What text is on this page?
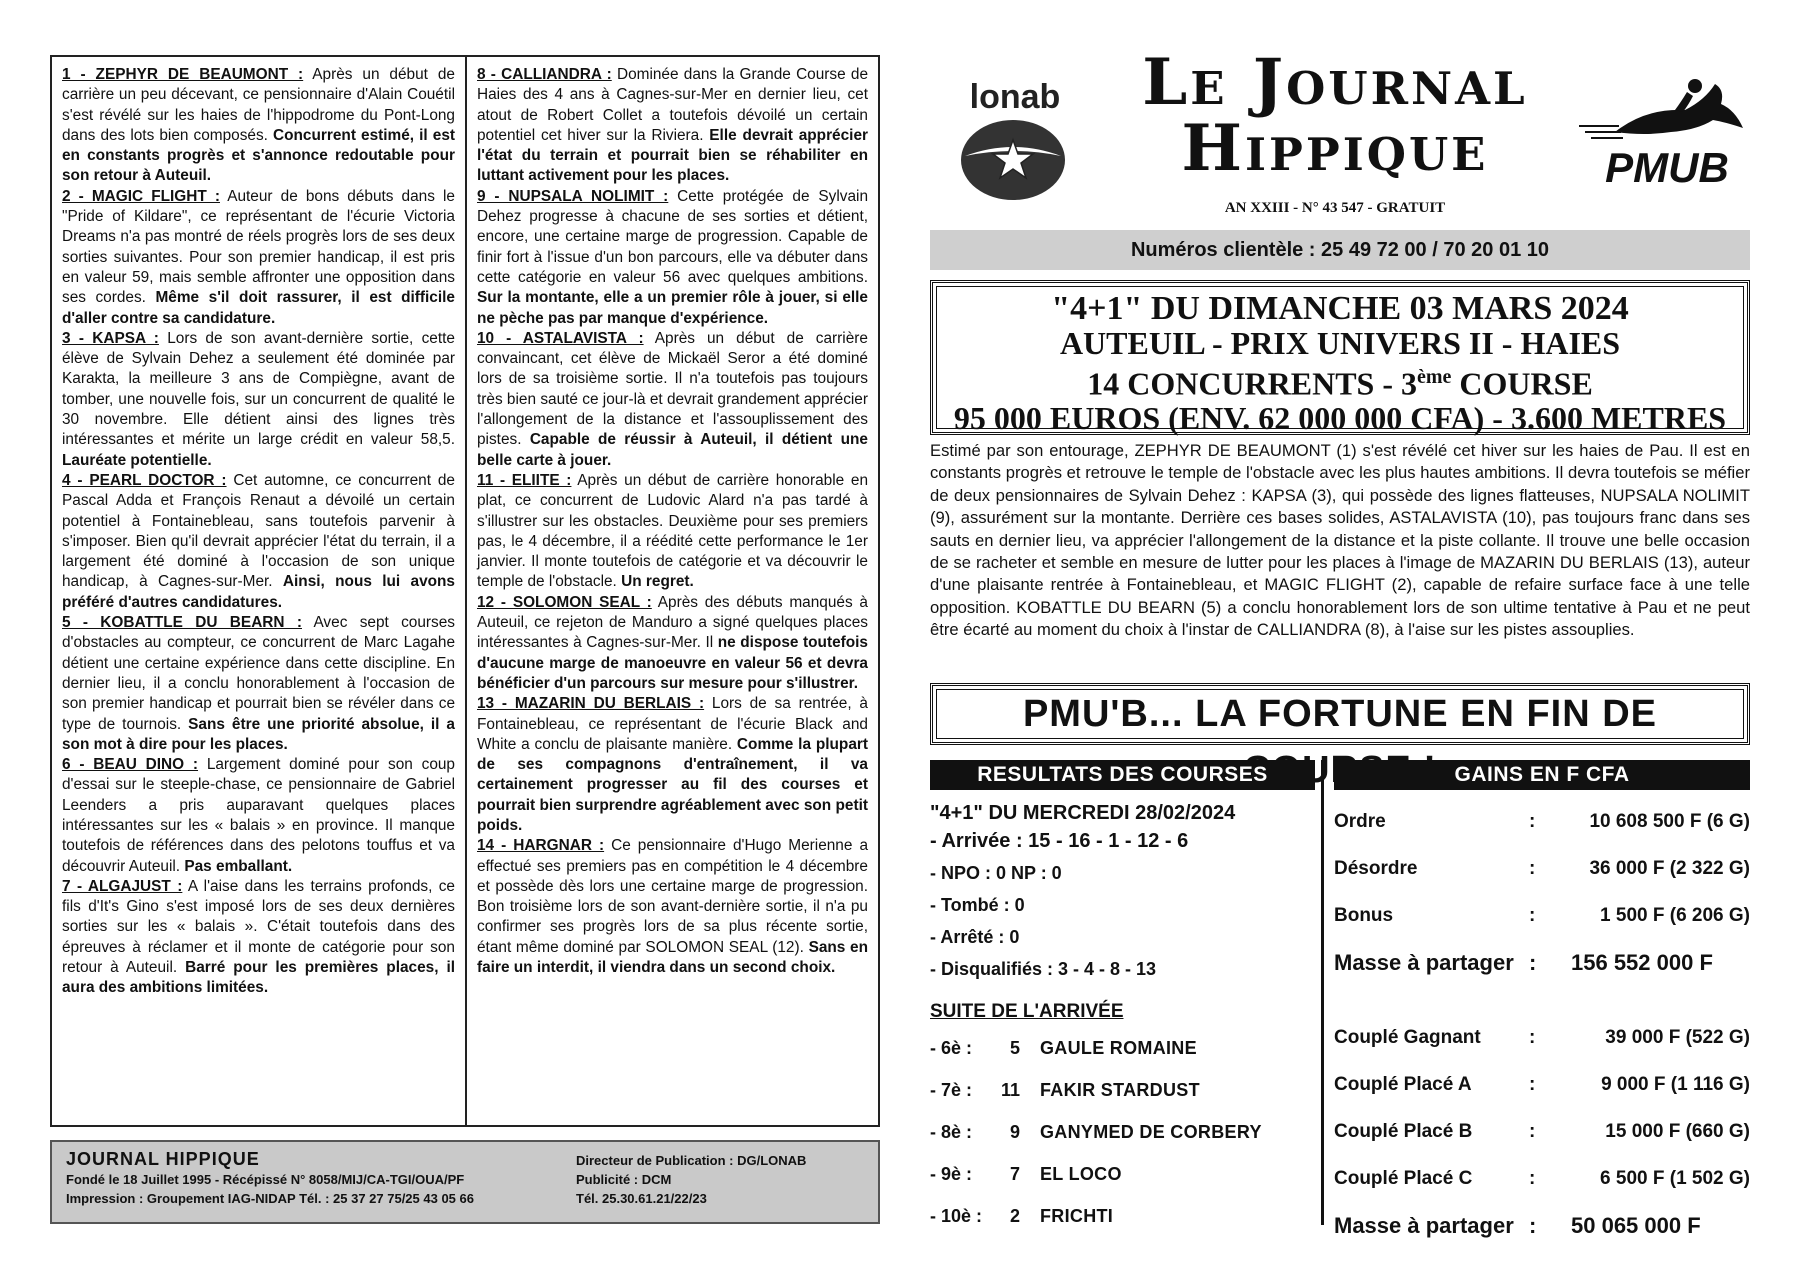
1 - ZEPHYR DE BEAUMONT : Après un début de carrière un peu décevant, ce pensionnaire d'Alain Couétil s'est révélé sur les haies de l'hippodrome du Pont-Long dans des lots bien composés. Concurrent estimé, il est en constants progrès et s'annonce redoutable pour son retour à Auteuil.

2 - MAGIC FLIGHT : Auteur de bons débuts dans le "Pride of Kildare", ce représentant de l'écurie Victoria Dreams n'a pas montré de réels progrès lors de ses deux sorties suivantes. Pour son premier handicap, il est pris en valeur 59, mais semble affronter une opposition dans ses cordes. Même s'il doit rassurer, il est difficile d'aller contre sa candidature.

3 - KAPSA : Lors de son avant-dernière sortie, cette élève de Sylvain Dehez a seulement été dominée par Karakta, la meilleure 3 ans de Compiègne, avant de tomber, une nouvelle fois, sur un concurrent de qualité le 30 novembre. Elle détient ainsi des lignes très intéressantes et mérite un large crédit en valeur 58,5. Lauréate potentielle.

4 - PEARL DOCTOR : Cet automne, ce concurrent de Pascal Adda et François Renaut a dévoilé un certain potentiel à Fontainebleau, sans toutefois parvenir à s'imposer. Bien qu'il devrait apprécier l'état du terrain, il a largement été dominé à l'occasion de son unique handicap, à Cagnes-sur-Mer. Ainsi, nous lui avons préféré d'autres candidatures.

5 - KOBATTLE DU BEARN : Avec sept courses d'obstacles au compteur, ce concurrent de Marc Lagahe détient une certaine expérience dans cette discipline. En dernier lieu, il a conclu honorablement à l'occasion de son premier handicap et pourrait bien se révéler dans ce type de tournois. Sans être une priorité absolue, il a son mot à dire pour les places.

6 - BEAU DINO : Largement dominé pour son coup d'essai sur le steeple-chase, ce pensionnaire de Gabriel Leenders a pris auparavant quelques places intéressantes sur les « balais » en province. Il manque toutefois de références dans des pelotons touffus et va découvrir Auteuil. Pas emballant.

7 - ALGAJUST : A l'aise dans les terrains profonds, ce fils d'It's Gino s'est imposé lors de ses deux dernières sorties sur les « balais ». C'était toutefois dans des épreuves à réclamer et il monte de catégorie pour son retour à Auteuil. Barré pour les premières places, il aura des ambitions limitées.

8 - CALLIANDRA : Dominée dans la Grande Course de Haies des 4 ans à Cagnes-sur-Mer en dernier lieu, cet atout de Robert Collet a toutefois dévoilé un certain potentiel cet hiver sur la Riviera. Elle devrait apprécier l'état du terrain et pourrait bien se réhabiliter en luttant activement pour les places.

9 - NUPSALA NOLIMIT : Cette protégée de Sylvain Dehez progresse à chacune de ses sorties et détient, encore, une certaine marge de progression. Capable de finir fort à l'issue d'un bon parcours, elle va débuter dans cette catégorie en valeur 56 avec quelques ambitions. Sur la montante, elle a un premier rôle à jouer, si elle ne pèche pas par manque d'expérience.

10 - ASTALAVISTA : Après un début de carrière convaincant, cet élève de Mickaël Seror a été dominé lors de sa troisième sortie. Il n'a toutefois pas toujours très bien sauté ce jour-là et devrait grandement apprécier l'allongement de la distance et l'assouplissement des pistes. Capable de réussir à Auteuil, il détient une belle carte à jouer.

11 - ELIITE : Après un début de carrière honorable en plat, ce concurrent de Ludovic Alard n'a pas tardé à s'illustrer sur les obstacles. Deuxième pour ses premiers pas, le 4 décembre, il a réédité cette performance le 1er janvier. Il monte toutefois de catégorie et va découvrir le temple de l'obstacle. Un regret.

12 - SOLOMON SEAL : Après des débuts manqués à Auteuil, ce rejeton de Manduro a signé quelques places intéressantes à Cagnes-sur-Mer. Il ne dispose toutefois d'aucune marge de manoeuvre en valeur 56 et devra bénéficier d'un parcours sur mesure pour s'illustrer.

13 - MAZARIN DU BERLAIS : Lors de sa rentrée, à Fontainebleau, ce représentant de l'écurie Black and White a conclu de plaisante manière. Comme la plupart de ses compagnons d'entraînement, il va certainement progresser au fil des courses et pourrait bien surprendre agréablement avec son petit poids.

14 - HARGNAR : Ce pensionnaire d'Hugo Merienne a effectué ses premiers pas en compétition le 4 décembre et possède dès lors une certaine marge de progression. Bon troisième lors de son avant-dernière sortie, il n'a pu confirmer ses progrès lors de sa plus récente sortie, étant même dominé par SOLOMON SEAL (12). Sans en faire un interdit, il viendra dans un second choix.

JOURNAL HIPPIQUE
Fondé le 18 Juillet 1995 - Récépissé N° 8058/MIJ/CA-TGI/OUA/PF
Impression : Groupement IAG-NIDAP Tél. : 25 37 27 75/25 43 05 66
Directeur de Publication : DG/LONAB
Publicité : DCM
Tél. 25.30.61.21/22/23
lonab	Le Journal
Hippique
AN XXIII - N° 43 547 - GRATUIT
PMUB
Numéros clientèle : 25 49 72 00 / 70 20 01 10
"4+1" DU DIMANCHE 03 MARS 2024
AUTEUIL - PRIX UNIVERS II - HAIES
14 CONCURRENTS - 3ème COURSE
95 000 EUROS (ENV. 62 000 000 CFA) - 3.600 METRES
Estimé par son entourage, ZEPHYR DE BEAUMONT (1) s'est révélé cet hiver sur les haies de Pau. Il est en constants progrès et retrouve le temple de l'obstacle avec les plus hautes ambitions. Il devra toutefois se méfier de deux pensionnaires de Sylvain Dehez : KAPSA (3), qui possède des lignes flatteuses, NUPSALA NOLIMIT (9), assurément sur la montante. Derrière ces bases solides, ASTALAVISTA (10), pas toujours franc dans ses sauts en dernier lieu, va apprécier l'allongement de la distance et la piste collante. Il trouve une belle occasion de se racheter et semble en mesure de lutter pour les places à l'image de MAZARIN DU BERLAIS (13), auteur d'une plaisante rentrée à Fontainebleau, et MAGIC FLIGHT (2), capable de refaire surface face à une telle opposition. KOBATTLE DU BEARN (5) a conclu honorablement lors de son ultime tentative à Pau et ne peut être écarté au moment du choix à l'instar de CALLIANDRA (8), à l'aise sur les pistes assouplies.
PMU'B... LA FORTUNE EN FIN DE COURSE
RESULTATS DES COURSES
"4+1" DU MERCREDI 28/02/2024
- Arrivée : 15 - 16 - 1 - 12 - 6
- NPO : 0 NP : 0
- Tombé : 0
- Arrêté : 0
- Disqualifiés : 3 - 4 - 8 - 13
SUITE DE L'ARRIVÉE
- 6è :	5	GAULE ROMAINE
- 7è :	11	FAKIR STARDUST
- 8è :	9	GANYMED DE CORBERY
- 9è :	7	EL LOCO
- 10è :	2	FRICHTI
GAINS EN F CFA
Ordre	:	10 608 500 F (6 G)
Désordre	:	36 000 F (2 322 G)
Bonus	:	1 500 F (6 206 G)
Masse à partager :	156 552 000 F
Couplé Gagnant	:	39 000 F (522 G)
Couplé Placé A	:	9 000 F (1 116 G)
Couplé Placé B	:	15 000 F (660 G)
Couplé Placé C	:	6 500 F (1 502 G)
Masse à partager :	50 065 000 F
